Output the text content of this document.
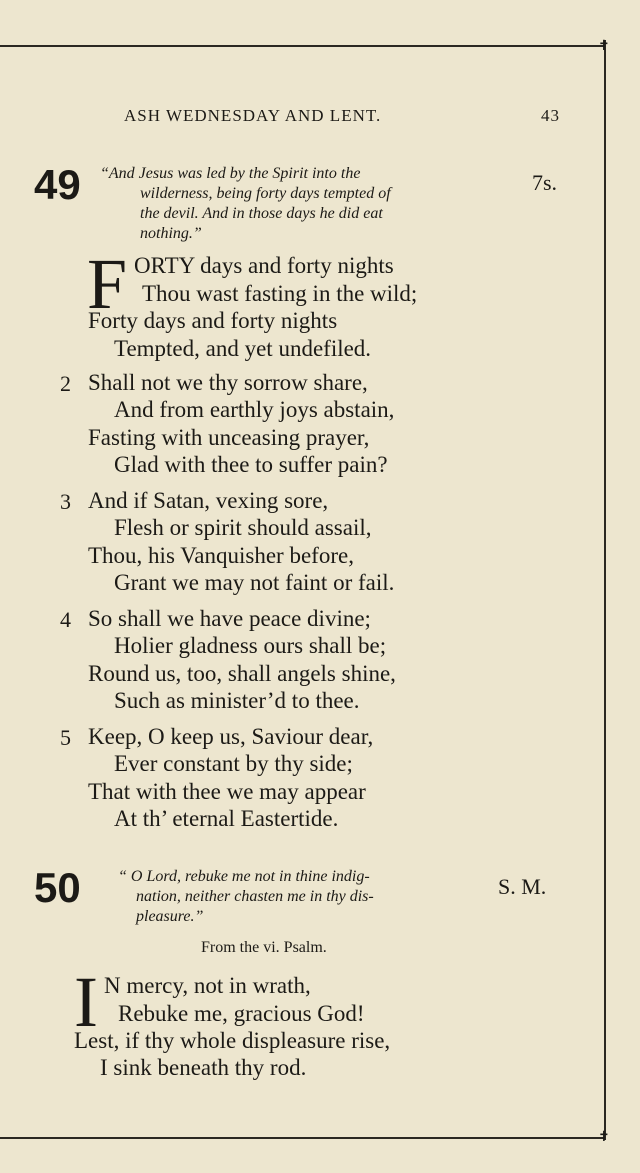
✝
✝
ASH WEDNESDAY AND LENT.	43
49	7s.
“And Jesus was led by the Spirit into the
wilderness, being forty days tempted of
the devil. And in those days he did eat
nothing.”
F ORTY days and forty nights
Thou wast fasting in the wild;
Forty days and forty nights
Tempted, and yet undefiled.
2 Shall not we thy sorrow share,
And from earthly joys abstain,
Fasting with unceasing prayer,
Glad with thee to suffer pain?
3 And if Satan, vexing sore,
Flesh or spirit should assail,
Thou, his Vanquisher before,
Grant we may not faint or fail.
4 So shall we have peace divine;
Holier gladness ours shall be;
Round us, too, shall angels shine,
Such as minister’d to thee.
5 Keep, O keep us, Saviour dear,
Ever constant by thy side;
That with thee we may appear
At th’ eternal Eastertide.
50	S. M.
“ O Lord, rebuke me not in thine indig-
nation, neither chasten me in thy dis-
pleasure.”
From the vi. Psalm.
I N mercy, not in wrath,
Rebuke me, gracious God!
Lest, if thy whole displeasure rise,
I sink beneath thy rod.
